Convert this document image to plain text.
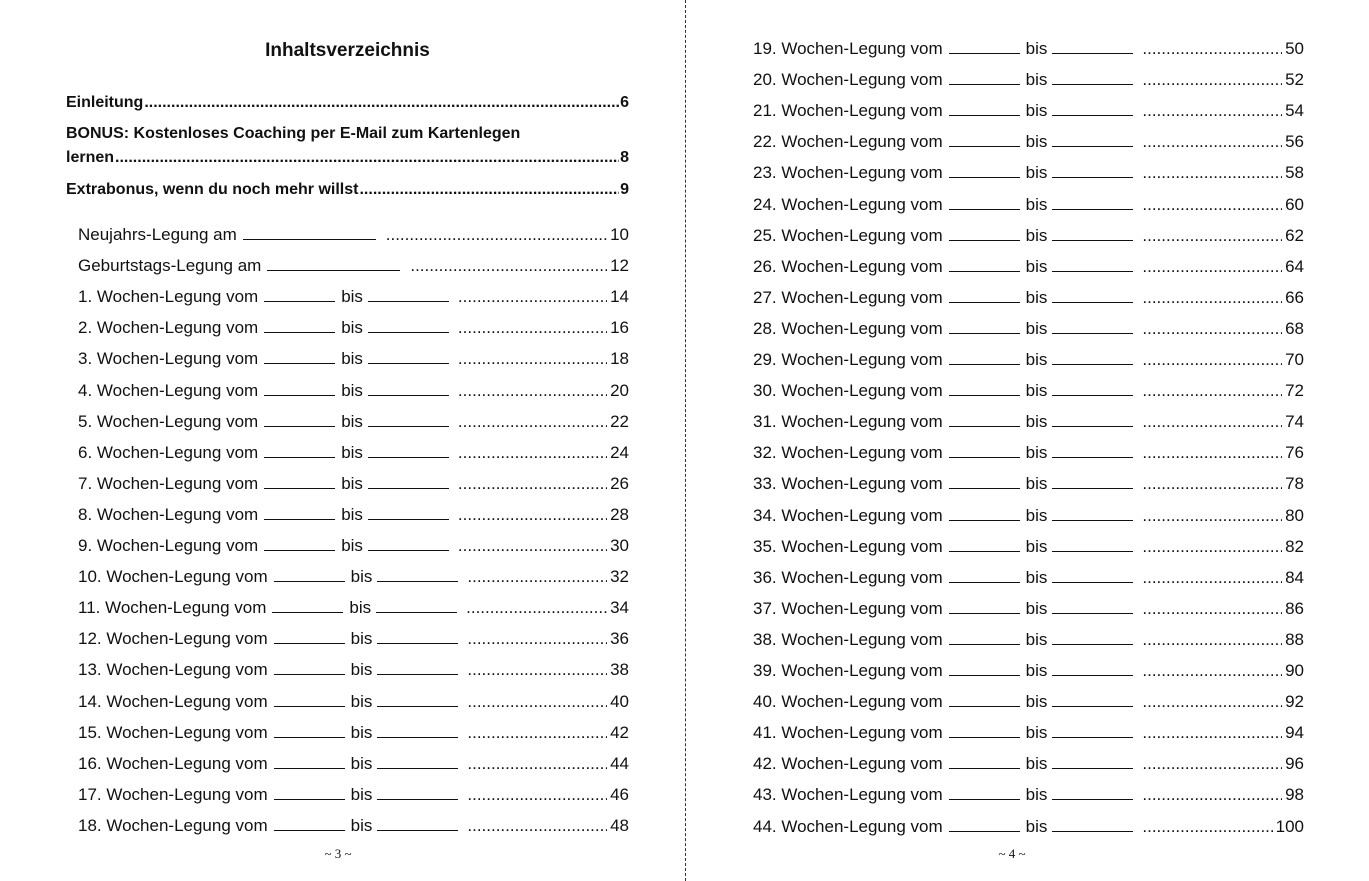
Inhaltsverzeichnis
Einleitung .....	6
BONUS: Kostenloses Coaching per E-Mail zum Kartenlegen
lernen .....	8
Extrabonus, wenn du noch mehr willst .....	9
Neujahrs-Legung am .....	10
Geburtstags-Legung am .....	12
1. Wochen-Legung vom	bis .....	14
2. Wochen-Legung vom	bis .....	16
3. Wochen-Legung vom	bis .....	18
4. Wochen-Legung vom	bis .....	20
5. Wochen-Legung vom	bis .....	22
6. Wochen-Legung vom	bis .....	24
7. Wochen-Legung vom	bis .....	26
8. Wochen-Legung vom	bis .....	28
9. Wochen-Legung vom	bis .....	30
10. Wochen-Legung vom	bis .....	32
11. Wochen-Legung vom	bis .....	34
12. Wochen-Legung vom	bis .....	36
13. Wochen-Legung vom	bis .....	38
14. Wochen-Legung vom	bis .....	40
15. Wochen-Legung vom	bis .....	42
16. Wochen-Legung vom	bis .....	44
17. Wochen-Legung vom	bis .....	46
18. Wochen-Legung vom	bis .....	48
~ 3 ~
19. Wochen-Legung vom	bis .....	50
20. Wochen-Legung vom	bis .....	52
21. Wochen-Legung vom	bis .....	54
22. Wochen-Legung vom	bis .....	56
23. Wochen-Legung vom	bis .....	58
24. Wochen-Legung vom	bis .....	60
25. Wochen-Legung vom	bis .....	62
26. Wochen-Legung vom	bis .....	64
27. Wochen-Legung vom	bis .....	66
28. Wochen-Legung vom	bis .....	68
29. Wochen-Legung vom	bis .....	70
30. Wochen-Legung vom	bis .....	72
31. Wochen-Legung vom	bis .....	74
32. Wochen-Legung vom	bis .....	76
33. Wochen-Legung vom	bis .....	78
34. Wochen-Legung vom	bis .....	80
35. Wochen-Legung vom	bis .....	82
36. Wochen-Legung vom	bis .....	84
37. Wochen-Legung vom	bis .....	86
38. Wochen-Legung vom	bis .....	88
39. Wochen-Legung vom	bis .....	90
40. Wochen-Legung vom	bis .....	92
41. Wochen-Legung vom	bis .....	94
42. Wochen-Legung vom	bis .....	96
43. Wochen-Legung vom	bis .....	98
44. Wochen-Legung vom	bis .....	100
~ 4 ~
